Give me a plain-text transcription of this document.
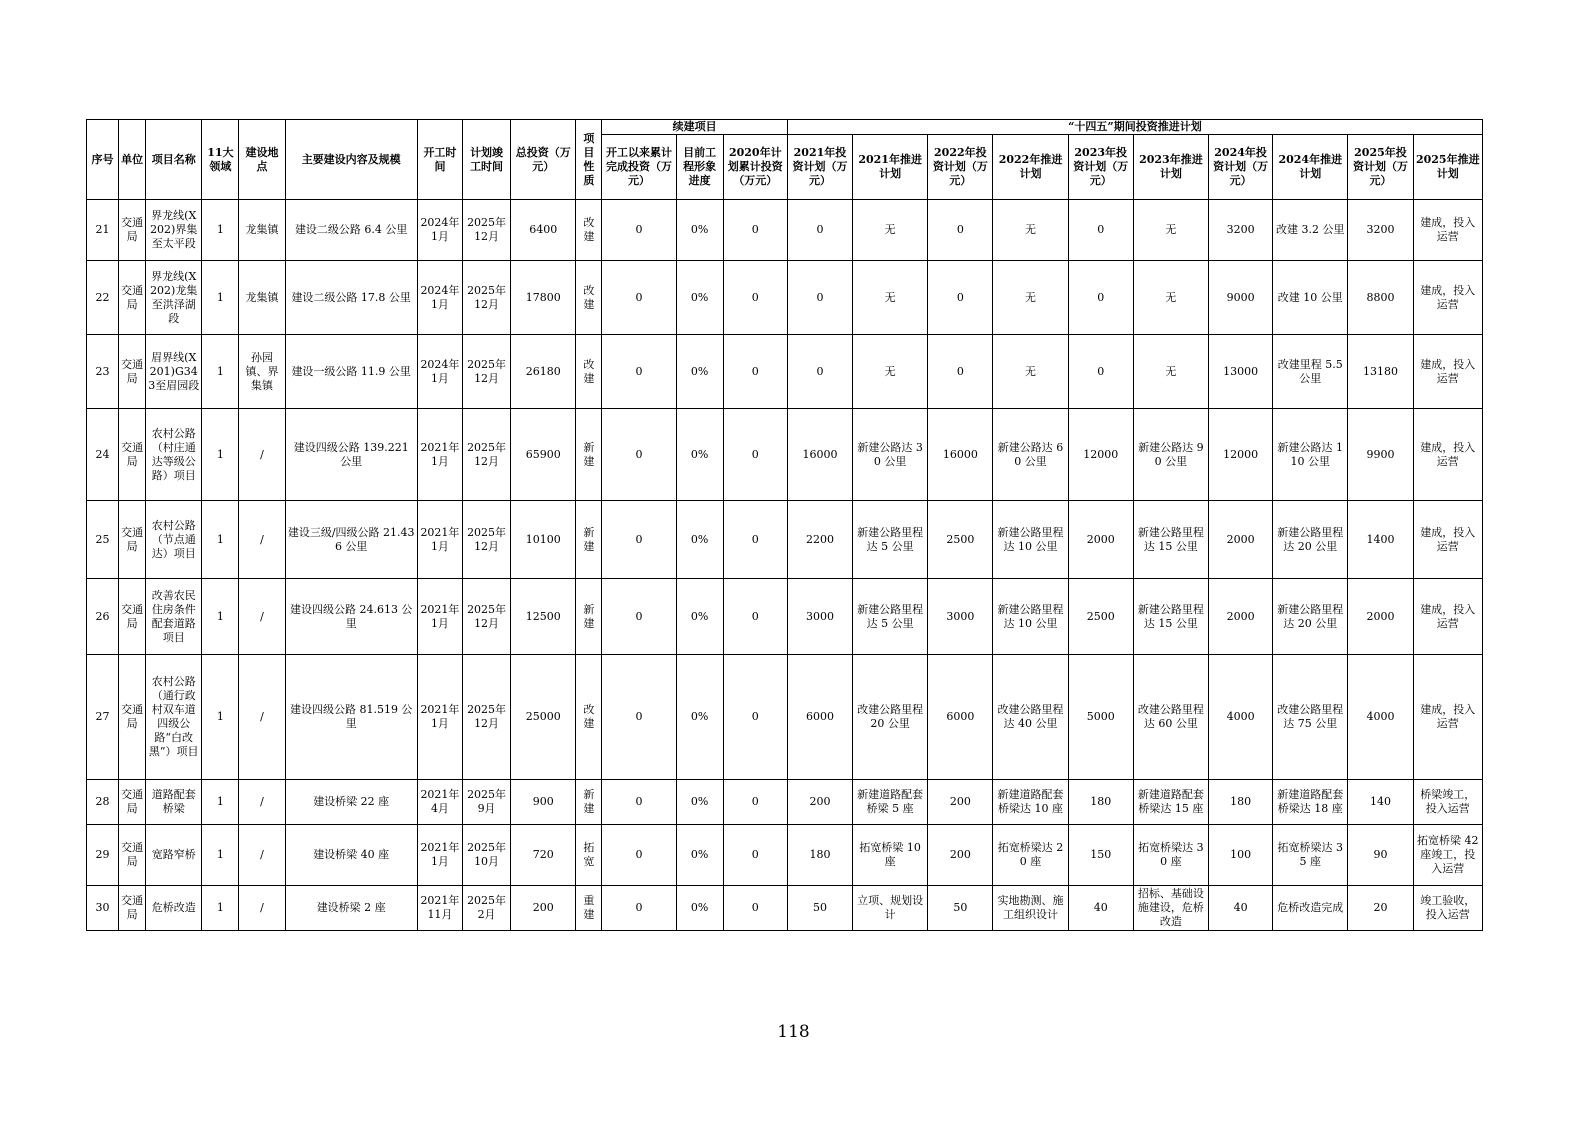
序号	单位	项目名称	11大领域	建设地点	主要建设内容及规模	开工时间	计划竣工时间	总投资（万元）	项目性质	续建项目			“十四五”期间投资推进计划									
										开工以来累计完成投资（万元）	目前工程形象进度	2020年计划累计投资（万元）	2021年投资计划（万元）	2021年推进计划	2022年投资计划（万元）	2022年推进计划	2023年投资计划（万元）	2023年推进计划	2024年投资计划（万元）	2024年推进计划	2025年投资计划（万元）	2025年推进计划
21	交通局	界龙线(X202)界集至太平段	1	龙集镇	建设二级公路 6.4 公里	2024年1月	2025年12月	6400	改建	0	0%	0	0	无	0	无	0	无	3200	改建 3.2 公里	3200	建成，投入运营
22	交通局	界龙线(X202)龙集至洪泽湖段	1	龙集镇	建设二级公路 17.8 公里	2024年1月	2025年12月	17800	改建	0	0%	0	0	无	0	无	0	无	9000	改建 10 公里	8800	建成，投入运营
23	交通局	眉界线(X201)G343至眉园段	1	孙园镇、界集镇	建设一级公路 11.9 公里	2024年1月	2025年12月	26180	改建	0	0%	0	0	无	0	无	0	无	13000	改建里程 5.5 公里	13180	建成，投入运营
24	交通局	农村公路（村庄通达等级公路）项目	1	/	建设四级公路 139.221 公里	2021年1月	2025年12月	65900	新建	0	0%	0	16000	新建公路达 30 公里	16000	新建公路达 60 公里	12000	新建公路达 90 公里	12000	新建公路达 110 公里	9900	建成，投入运营
25	交通局	农村公路（节点通达）项目	1	/	建设三级/四级公路 21.436 公里	2021年1月	2025年12月	10100	新建	0	0%	0	2200	新建公路里程达 5 公里	2500	新建公路里程达 10 公里	2000	新建公路里程达 15 公里	2000	新建公路里程达 20 公里	1400	建成，投入运营
26	交通局	改善农民住房条件配套道路项目	1	/	建设四级公路 24.613 公里	2021年1月	2025年12月	12500	新建	0	0%	0	3000	新建公路里程达 5 公里	3000	新建公路里程达 10 公里	2500	新建公路里程达 15 公里	2000	新建公路里程达 20 公里	2000	建成，投入运营
27	交通局	农村公路（通行政村双车道四级公路“白改黑”）项目	1	/	建设四级公路 81.519 公里	2021年1月	2025年12月	25000	改建	0	0%	0	6000	改建公路里程 20 公里	6000	改建公路里程达 40 公里	5000	改建公路里程达 60 公里	4000	改建公路里程达 75 公里	4000	建成，投入运营
28	交通局	道路配套桥梁	1	/	建设桥梁 22 座	2021年4月	2025年9月	900	新建	0	0%	0	200	新建道路配套桥梁 5 座	200	新建道路配套桥梁达 10 座	180	新建道路配套桥梁达 15 座	180	新建道路配套桥梁达 18 座	140	桥梁竣工，投入运营
29	交通局	宽路窄桥	1	/	建设桥梁 40 座	2021年1月	2025年10月	720	拓宽	0	0%	0	180	拓宽桥梁 10 座	200	拓宽桥梁达 20 座	150	拓宽桥梁达 30 座	100	拓宽桥梁达 35 座	90	拓宽桥梁 42 座竣工，投入运营
30	交通局	危桥改造	1	/	建设桥梁 2 座	2021年11月	2025年2月	200	重建	0	0%	0	50	立项、规划设计	50	实地勘测、施工组织设计	40	招标、基础设施建设，危桥改造	40	危桥改造完成	20	竣工验收，投入运营
118
